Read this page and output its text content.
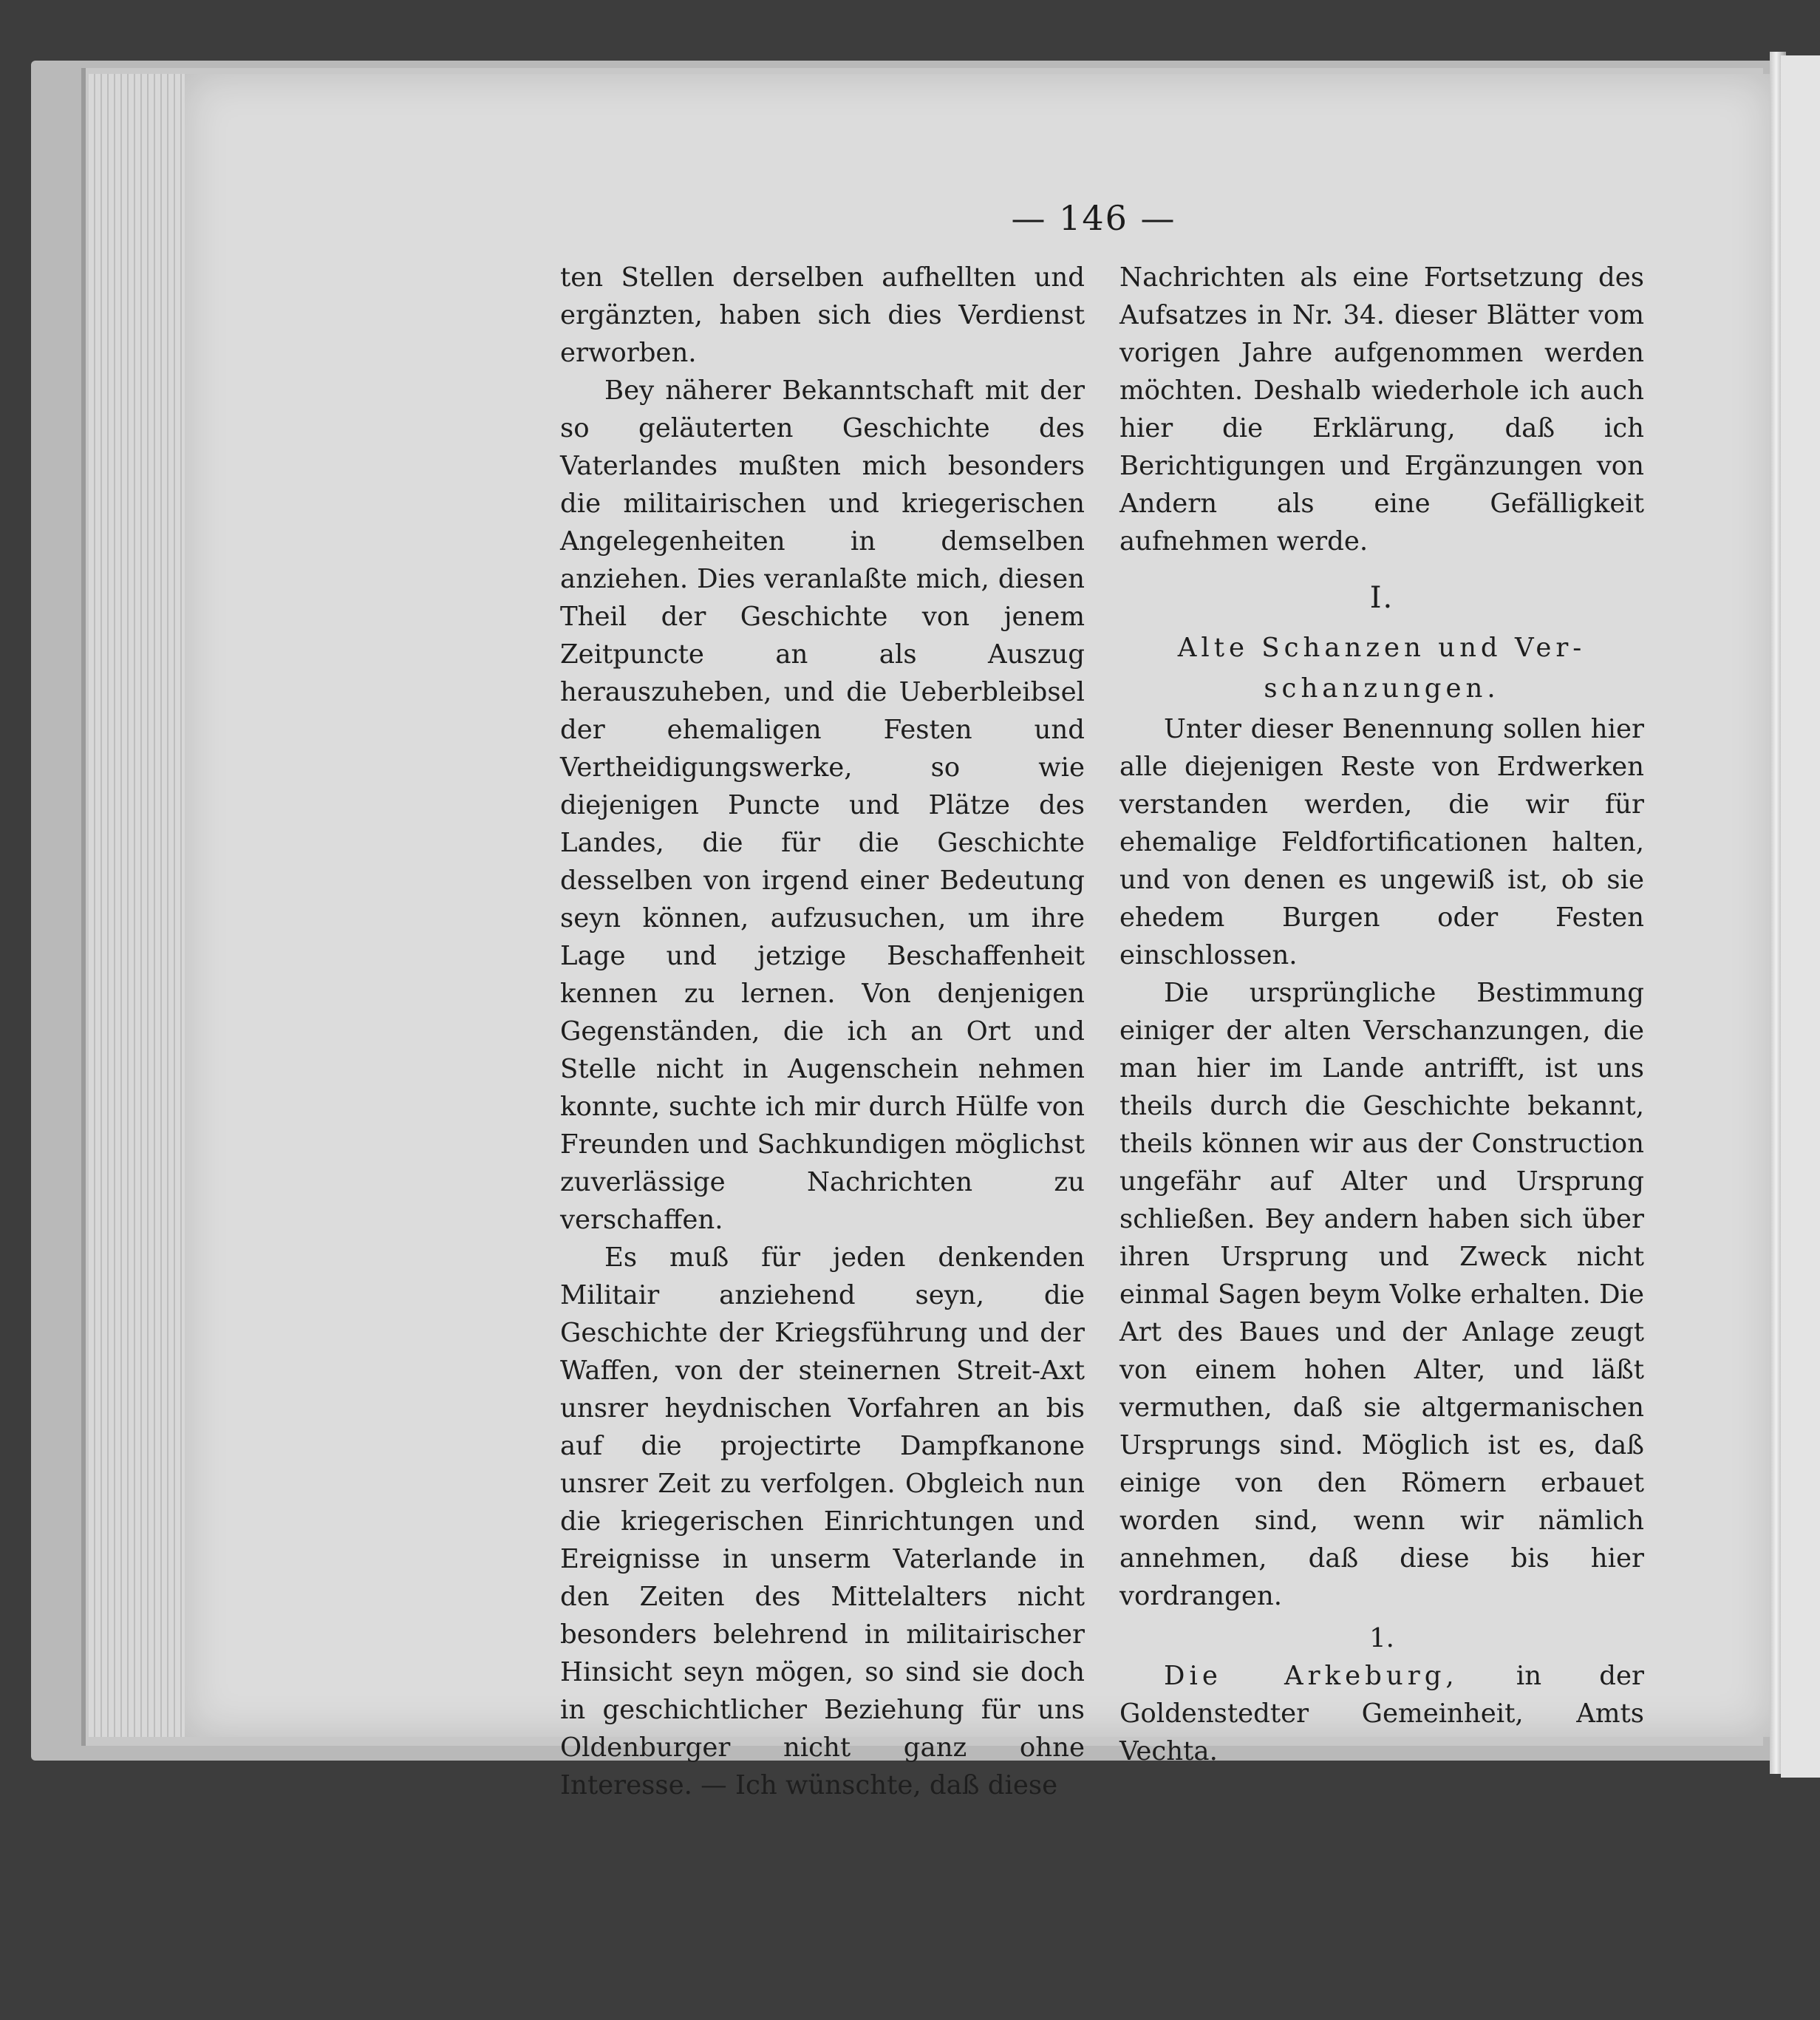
— 146 —

ten Stellen derselben aufhellten und ergänzten, haben sich dies Verdienst erworben.

Bey näherer Bekanntschaft mit der so geläuterten Geschichte des Vaterlandes mußten mich besonders die militairischen und kriegerischen Angelegenheiten in demselben anziehen. Dies veranlaßte mich, diesen Theil der Geschichte von jenem Zeitpuncte an als Auszug herauszuheben, und die Ueberbleibsel der ehemaligen Festen und Vertheidigungswerke, so wie diejenigen Puncte und Plätze des Landes, die für die Geschichte desselben von irgend einer Bedeutung seyn können, aufzusuchen, um ihre Lage und jetzige Beschaffenheit kennen zu lernen. Von denjenigen Gegenständen, die ich an Ort und Stelle nicht in Augenschein nehmen konnte, suchte ich mir durch Hülfe von Freunden und Sachkundigen möglichst zuverlässige Nachrichten zu verschaffen.

Es muß für jeden denkenden Militair anziehend seyn, die Geschichte der Kriegsführung und der Waffen, von der steinernen Streit-Axt unsrer heydnischen Vorfahren an bis auf die projectirte Dampfkanone unsrer Zeit zu verfolgen. Obgleich nun die kriegerischen Einrichtungen und Ereignisse in unserm Vaterlande in den Zeiten des Mittelalters nicht besonders belehrend in militairischer Hinsicht seyn mögen, so sind sie doch in geschichtlicher Beziehung für uns Oldenburger nicht ganz ohne Interesse. — Ich wünschte, daß diese

Nachrichten als eine Fortsetzung des Aufsatzes in Nr. 34. dieser Blätter vom vorigen Jahre aufgenommen werden möchten. Deshalb wiederhole ich auch hier die Erklärung, daß ich Berichtigungen und Ergänzungen von Andern als eine Gefälligkeit aufnehmen werde.

I.
Alte Schanzen und Ver-
schanzungen.

Unter dieser Benennung sollen hier alle diejenigen Reste von Erdwerken verstanden werden, die wir für ehemalige Feldfortificationen halten, und von denen es ungewiß ist, ob sie ehedem Burgen oder Festen einschlossen.

Die ursprüngliche Bestimmung einiger der alten Verschanzungen, die man hier im Lande antrifft, ist uns theils durch die Geschichte bekannt, theils können wir aus der Construction ungefähr auf Alter und Ursprung schließen. Bey andern haben sich über ihren Ursprung und Zweck nicht einmal Sagen beym Volke erhalten. Die Art des Baues und der Anlage zeugt von einem hohen Alter, und läßt vermuthen, daß sie altgermanischen Ursprungs sind. Möglich ist es, daß einige von den Römern erbauet worden sind, wenn wir nämlich annehmen, daß diese bis hier vordrangen.

1.

Die Arkeburg, in der Goldenstedter Gemeinheit, Amts Vechta.
